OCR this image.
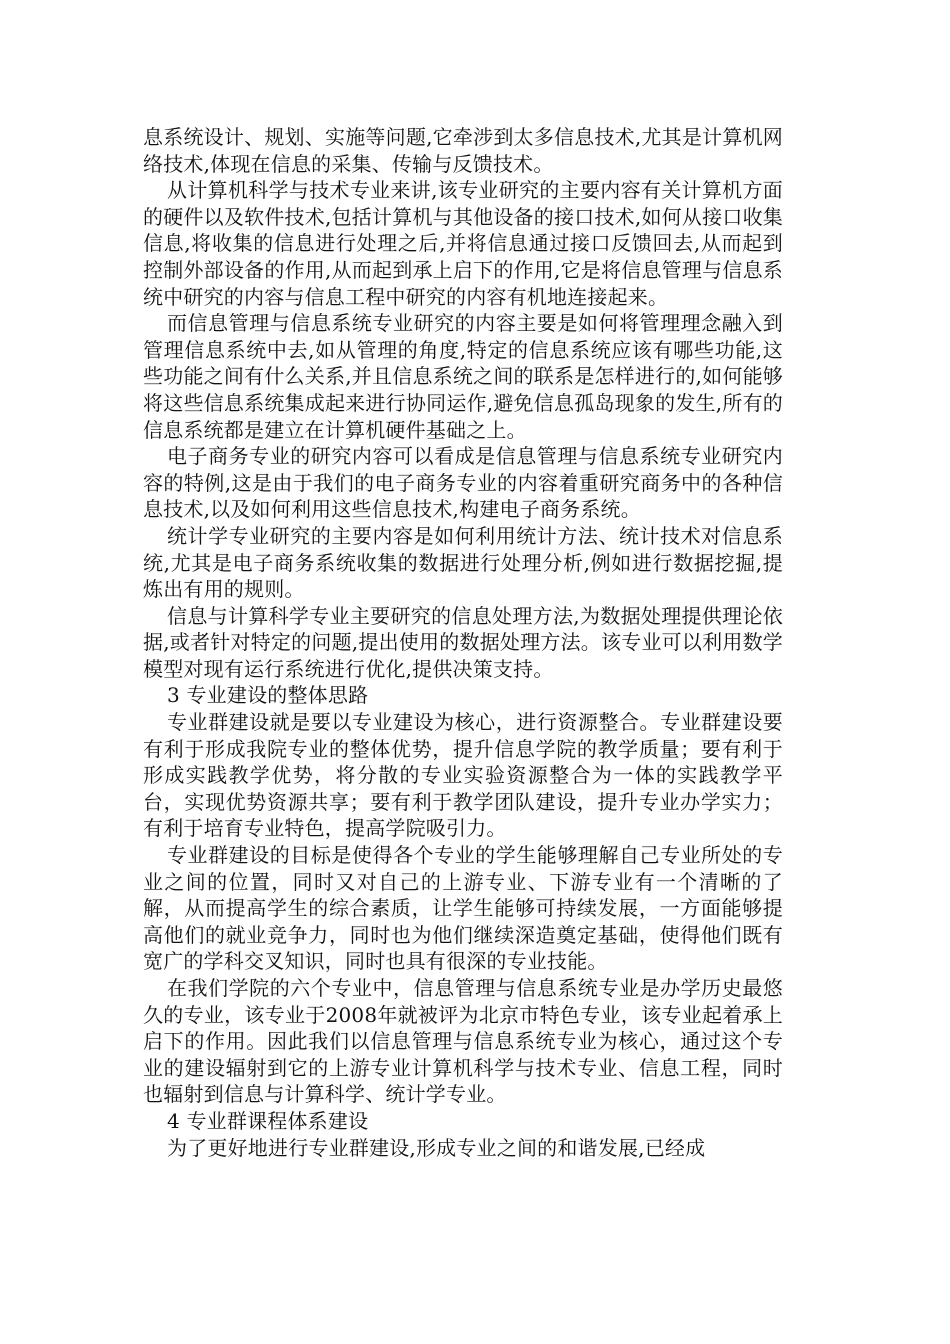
息系统设计、规划、实施等问题,它牵涉到太多信息技术,尤其是计算机网络技术,体现在信息的采集、传输与反馈技术。

从计算机科学与技术专业来讲,该专业研究的主要内容有关计算机方面的硬件以及软件技术,包括计算机与其他设备的接口技术,如何从接口收集信息,将收集的信息进行处理之后,并将信息通过接口反馈回去,从而起到控制外部设备的作用,从而起到承上启下的作用,它是将信息管理与信息系统中研究的内容与信息工程中研究的内容有机地连接起来。

而信息管理与信息系统专业研究的内容主要是如何将管理理念融入到管理信息系统中去,如从管理的角度,特定的信息系统应该有哪些功能,这些功能之间有什么关系,并且信息系统之间的联系是怎样进行的,如何能够将这些信息系统集成起来进行协同运作,避免信息孤岛现象的发生,所有的信息系统都是建立在计算机硬件基础之上。

电子商务专业的研究内容可以看成是信息管理与信息系统专业研究内容的特例,这是由于我们的电子商务专业的内容着重研究商务中的各种信息技术,以及如何利用这些信息技术,构建电子商务系统。

统计学专业研究的主要内容是如何利用统计方法、统计技术对信息系统,尤其是电子商务系统收集的数据进行处理分析,例如进行数据挖掘,提炼出有用的规则。

信息与计算科学专业主要研究的信息处理方法,为数据处理提供理论依据,或者针对特定的问题,提出使用的数据处理方法。该专业可以利用数学模型对现有运行系统进行优化,提供决策支持。

3 专业建设的整体思路

专业群建设就是要以专业建设为核心，进行资源整合。专业群建设要有利于形成我院专业的整体优势，提升信息学院的教学质量；要有利于形成实践教学优势，将分散的专业实验资源整合为一体的实践教学平台，实现优势资源共享；要有利于教学团队建设，提升专业办学实力；有利于培育专业特色，提高学院吸引力。

专业群建设的目标是使得各个专业的学生能够理解自己专业所处的专业之间的位置，同时又对自己的上游专业、下游专业有一个清晰的了解，从而提高学生的综合素质，让学生能够可持续发展，一方面能够提高他们的就业竞争力，同时也为他们继续深造奠定基础，使得他们既有宽广的学科交叉知识，同时也具有很深的专业技能。

在我们学院的六个专业中，信息管理与信息系统专业是办学历史最悠久的专业，该专业于2008年就被评为北京市特色专业，该专业起着承上启下的作用。因此我们以信息管理与信息系统专业为核心，通过这个专业的建设辐射到它的上游专业计算机科学与技术专业、信息工程，同时也辐射到信息与计算科学、统计学专业。

4 专业群课程体系建设

为了更好地进行专业群建设,形成专业之间的和谐发展,已经成
